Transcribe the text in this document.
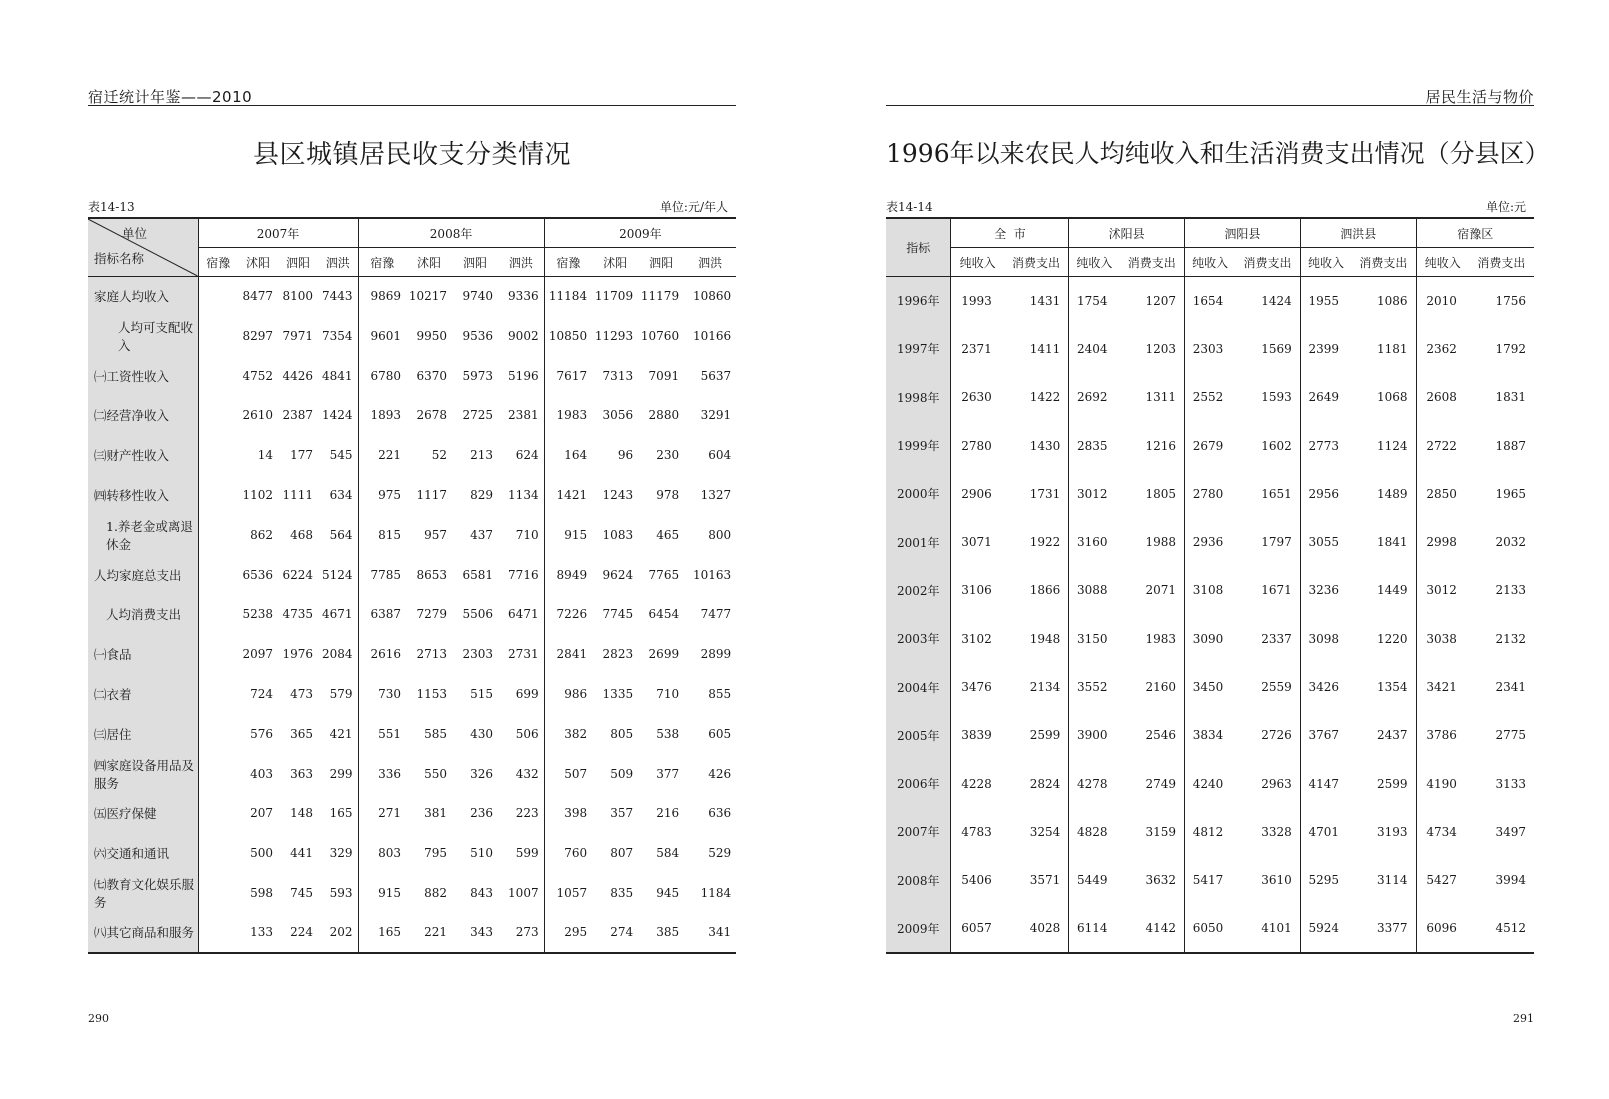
宿迁统计年鉴——2010
县区城镇居民收支分类情况
表14-13	单位:元/年人
单位
指标名称	2007年				2008年				2009年			
	宿豫	沭阳	泗阳	泗洪	宿豫	沭阳	泗阳	泗洪	宿豫	沭阳	泗阳	泗洪
家庭人均收入		8477	8100	7443	9869	10217	9740	9336	11184	11709	11179	10860
人均可支配收入		8297	7971	7354	9601	9950	9536	9002	10850	11293	10760	10166
㈠工资性收入		4752	4426	4841	6780	6370	5973	5196	7617	7313	7091	5637
㈡经营净收入		2610	2387	1424	1893	2678	2725	2381	1983	3056	2880	3291
㈢财产性收入		14	177	545	221	52	213	624	164	96	230	604
㈣转移性收入		1102	1111	634	975	1117	829	1134	1421	1243	978	1327
1.养老金或离退休金		862	468	564	815	957	437	710	915	1083	465	800
人均家庭总支出		6536	6224	5124	7785	8653	6581	7716	8949	9624	7765	10163
人均消费支出		5238	4735	4671	6387	7279	5506	6471	7226	7745	6454	7477
㈠食品		2097	1976	2084	2616	2713	2303	2731	2841	2823	2699	2899
㈡衣着		724	473	579	730	1153	515	699	986	1335	710	855
㈢居住		576	365	421	551	585	430	506	382	805	538	605
㈣家庭设备用品及服务		403	363	299	336	550	326	432	507	509	377	426
㈤医疗保健		207	148	165	271	381	236	223	398	357	216	636
㈥交通和通讯		500	441	329	803	795	510	599	760	807	584	529
㈦教育文化娱乐服务		598	745	593	915	882	843	1007	1057	835	945	1184
㈧其它商品和服务		133	224	202	165	221	343	273	295	274	385	341
290
居民生活与物价
1996年以来农民人均纯收入和生活消费支出情况（分县区）
表14-14	单位:元
指标	全  市		沭阳县		泗阳县		泗洪县		宿豫区	
	纯收入	消费支出	纯收入	消费支出	纯收入	消费支出	纯收入	消费支出	纯收入	消费支出
1996年	1993	1431	1754	1207	1654	1424	1955	1086	2010	1756
1997年	2371	1411	2404	1203	2303	1569	2399	1181	2362	1792
1998年	2630	1422	2692	1311	2552	1593	2649	1068	2608	1831
1999年	2780	1430	2835	1216	2679	1602	2773	1124	2722	1887
2000年	2906	1731	3012	1805	2780	1651	2956	1489	2850	1965
2001年	3071	1922	3160	1988	2936	1797	3055	1841	2998	2032
2002年	3106	1866	3088	2071	3108	1671	3236	1449	3012	2133
2003年	3102	1948	3150	1983	3090	2337	3098	1220	3038	2132
2004年	3476	2134	3552	2160	3450	2559	3426	1354	3421	2341
2005年	3839	2599	3900	2546	3834	2726	3767	2437	3786	2775
2006年	4228	2824	4278	2749	4240	2963	4147	2599	4190	3133
2007年	4783	3254	4828	3159	4812	3328	4701	3193	4734	3497
2008年	5406	3571	5449	3632	5417	3610	5295	3114	5427	3994
2009年	6057	4028	6114	4142	6050	4101	5924	3377	6096	4512
291
